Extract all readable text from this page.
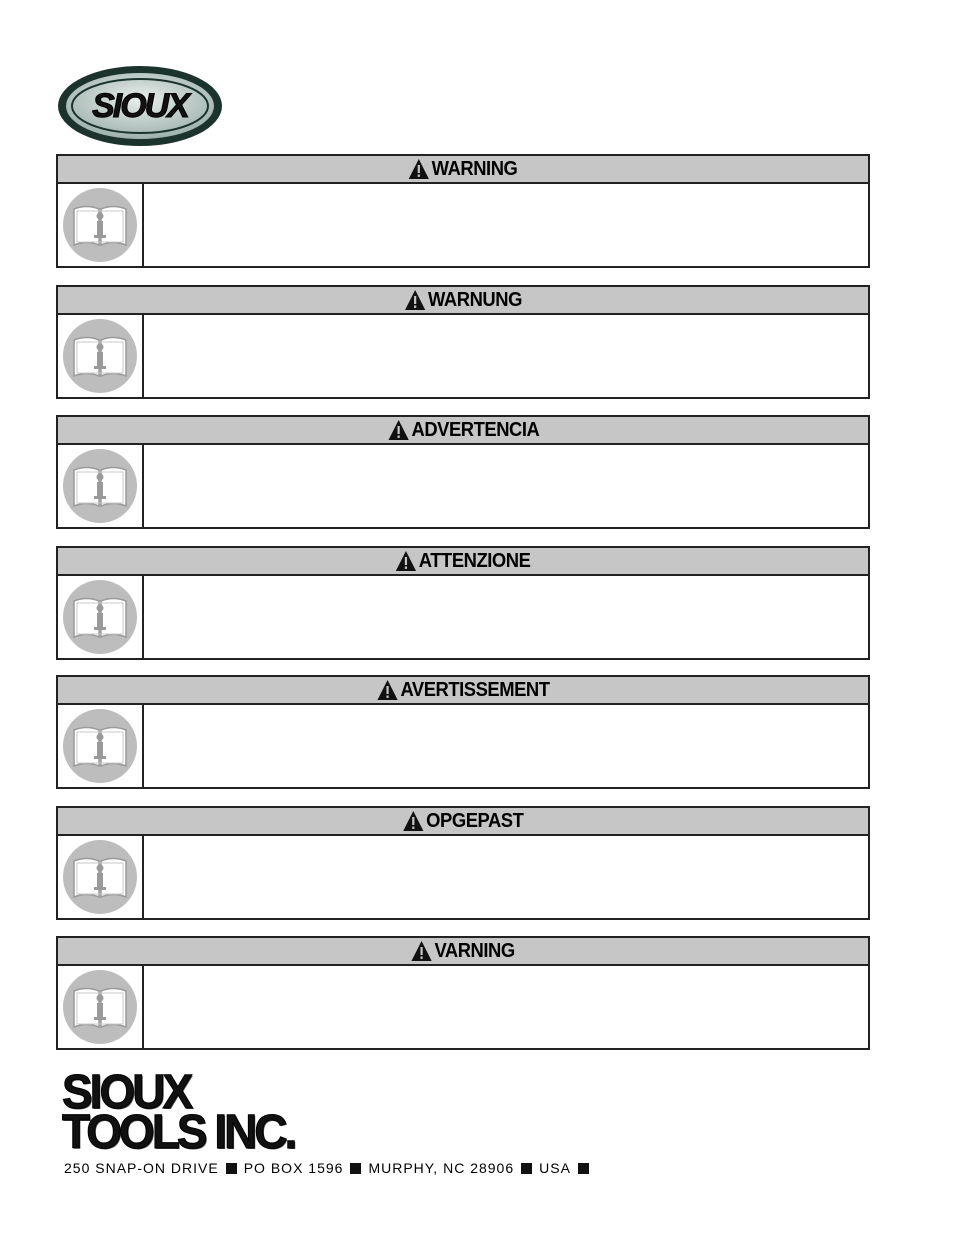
SIOUX
WARNING
WARNUNG
ADVERTENCIA
ATTENZIONE
AVERTISSEMENT
OPGEPAST
VARNING
SIOUX
TOOLS INC.
250 SNAP-ON DRIVE PO BOX 1596 MURPHY, NC 28906 USA
